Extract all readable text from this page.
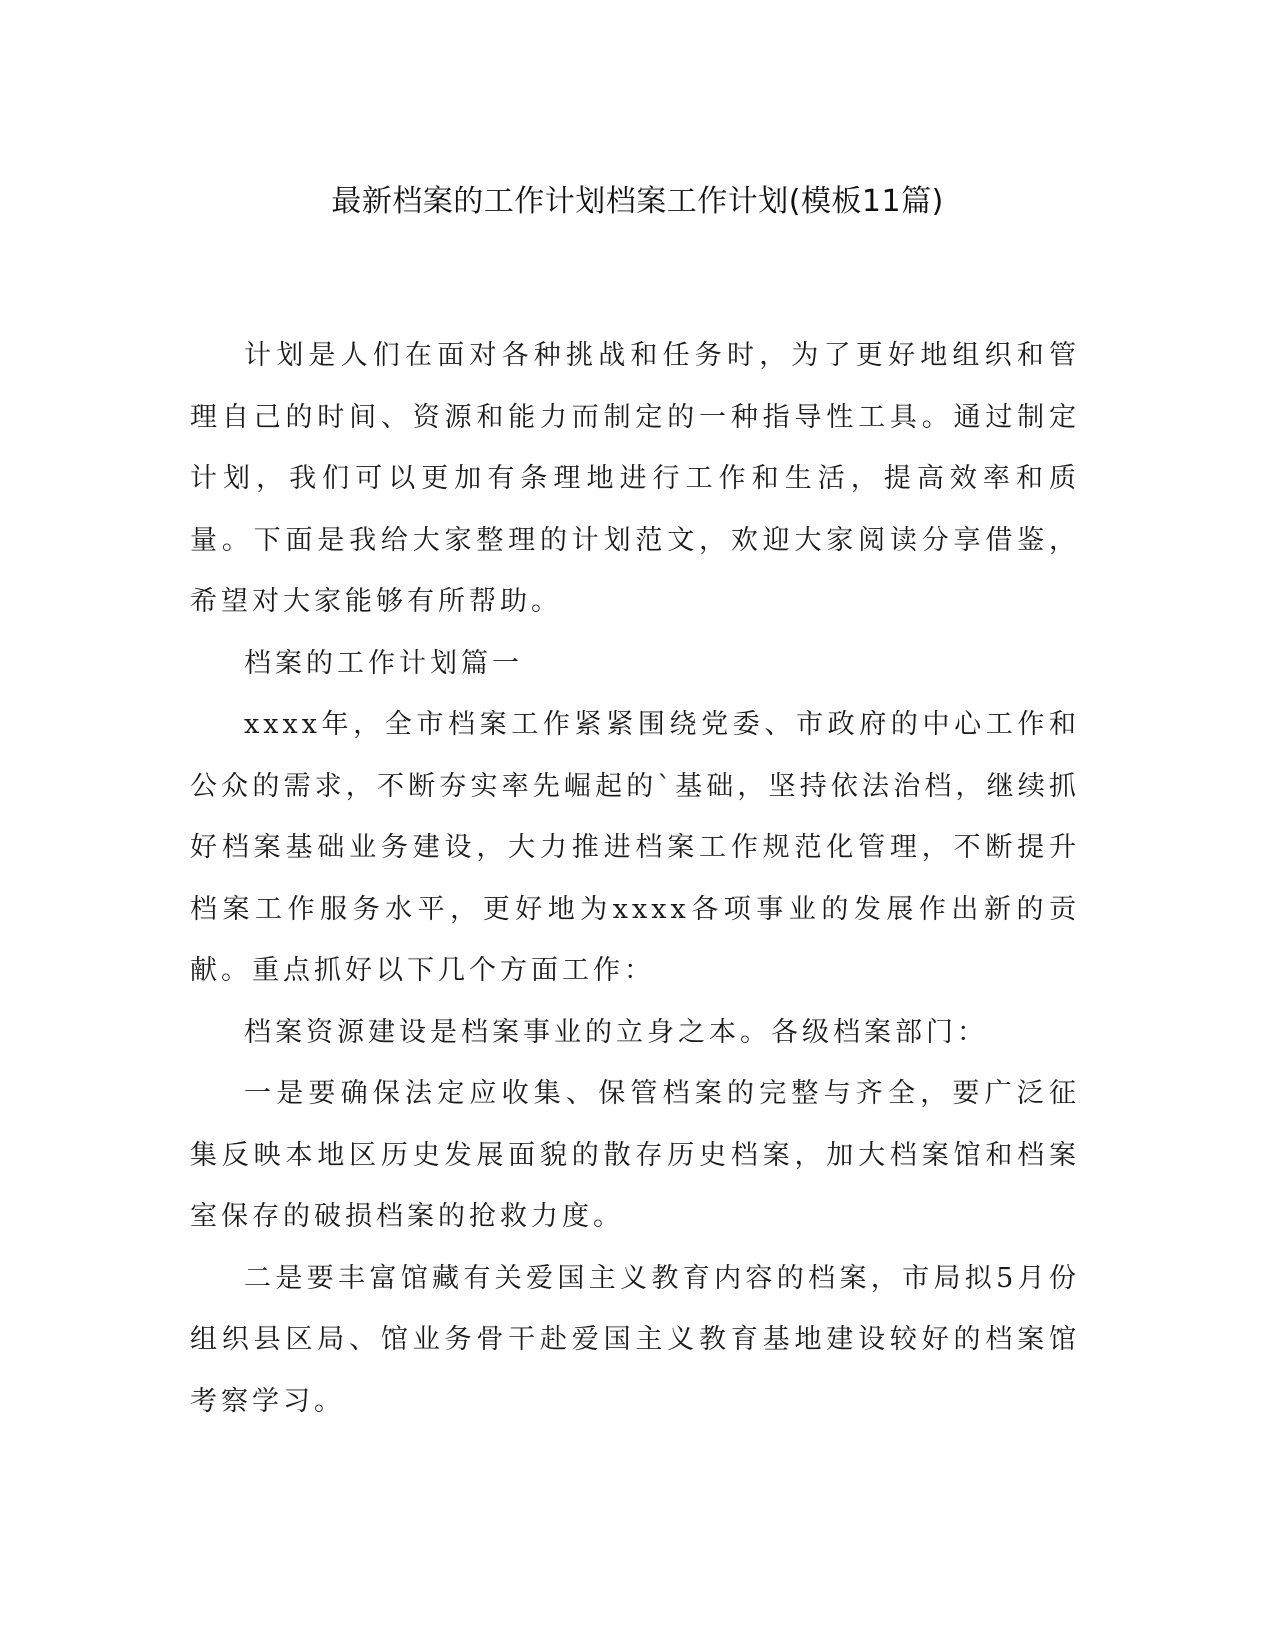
最新档案的工作计划档案工作计划(模板11篇)

计划是人们在面对各种挑战和任务时，为了更好地组织和管理自己的时间、资源和能力而制定的一种指导性工具。通过制定计划，我们可以更加有条理地进行工作和生活，提高效率和质量。下面是我给大家整理的计划范文，欢迎大家阅读分享借鉴，希望对大家能够有所帮助。

档案的工作计划篇一

xxxx年，全市档案工作紧紧围绕党委、市政府的中心工作和公众的需求，不断夯实率先崛起的`基础，坚持依法治档，继续抓好档案基础业务建设，大力推进档案工作规范化管理，不断提升档案工作服务水平，更好地为xxxx各项事业的发展作出新的贡献。重点抓好以下几个方面工作：

档案资源建设是档案事业的立身之本。各级档案部门：

一是要确保法定应收集、保管档案的完整与齐全，要广泛征集反映本地区历史发展面貌的散存历史档案，加大档案馆和档案室保存的破损档案的抢救力度。

二是要丰富馆藏有关爱国主义教育内容的档案，市局拟5月份组织县区局、馆业务骨干赴爱国主义教育基地建设较好的档案馆考察学习。
